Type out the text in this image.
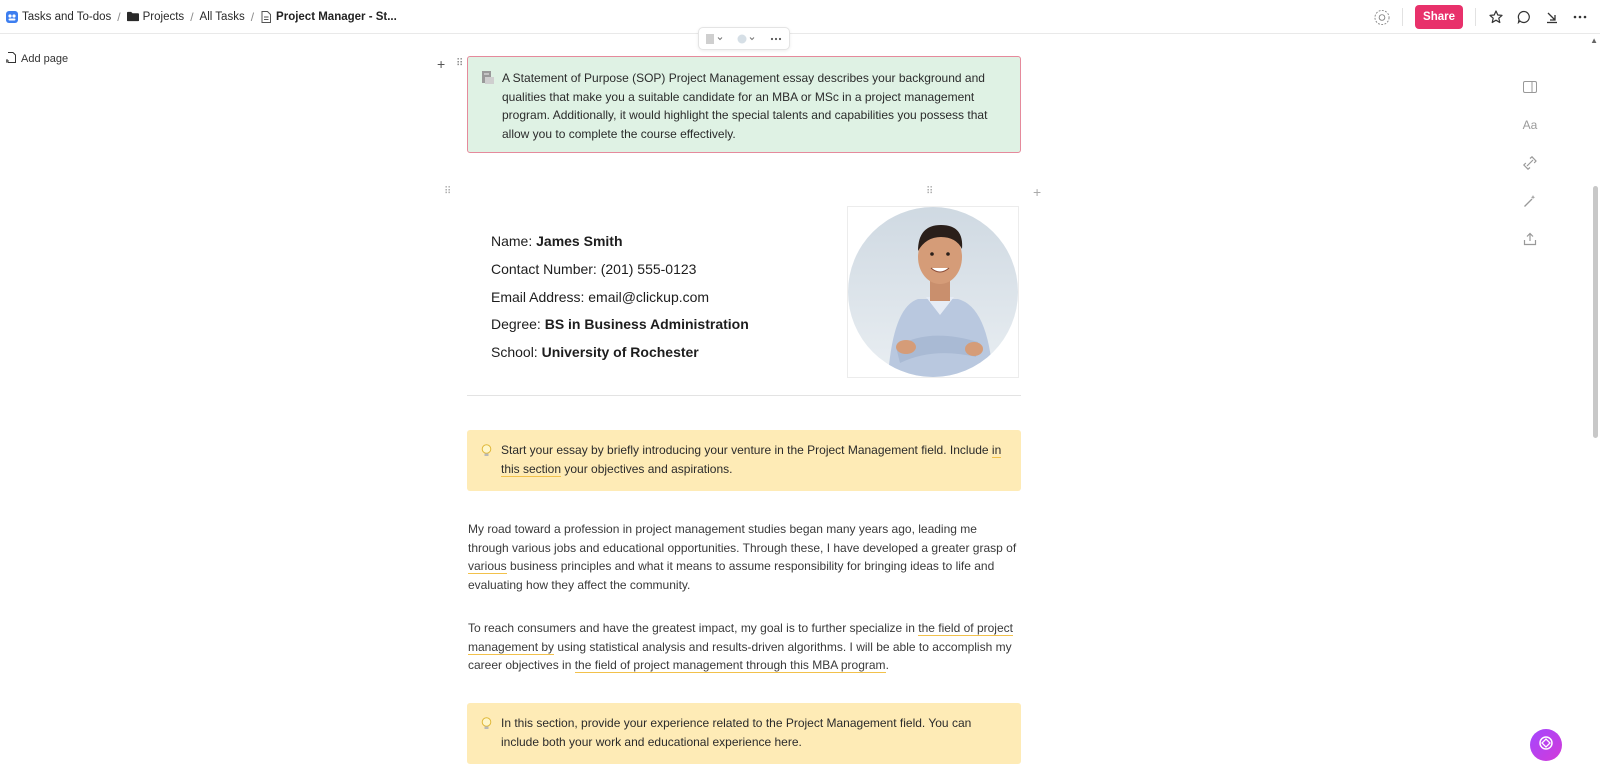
Tasks and To-dos / Projects / All Tasks / Project Manager - St...	Share
Add page
Aa
▲
+ ⠿
A Statement of Purpose (SOP) Project Management essay describes your background and qualities that make you a suitable candidate for an MBA or MSc in a project management program. Additionally, it would highlight the special talents and capabilities you possess that allow you to complete the course effectively.
⠿	⠿	+
Name: James Smith
Contact Number: (201) 555-0123
Email Address: email@clickup.com
Degree: BS in Business Administration
School: University of Rochester
Start your essay by briefly introducing your venture in the Project Management field. Include in this section your objectives and aspirations.
My road toward a profession in project management studies began many years ago, leading me through various jobs and educational opportunities. Through these, I have developed a greater grasp of various business principles and what it means to assume responsibility for bringing ideas to life and evaluating how they affect the community.
To reach consumers and have the greatest impact, my goal is to further specialize in the field of project management by using statistical analysis and results-driven algorithms. I will be able to accomplish my career objectives in the field of project management through this MBA program.
In this section, provide your experience related to the Project Management field. You can include both your work and educational experience here.
